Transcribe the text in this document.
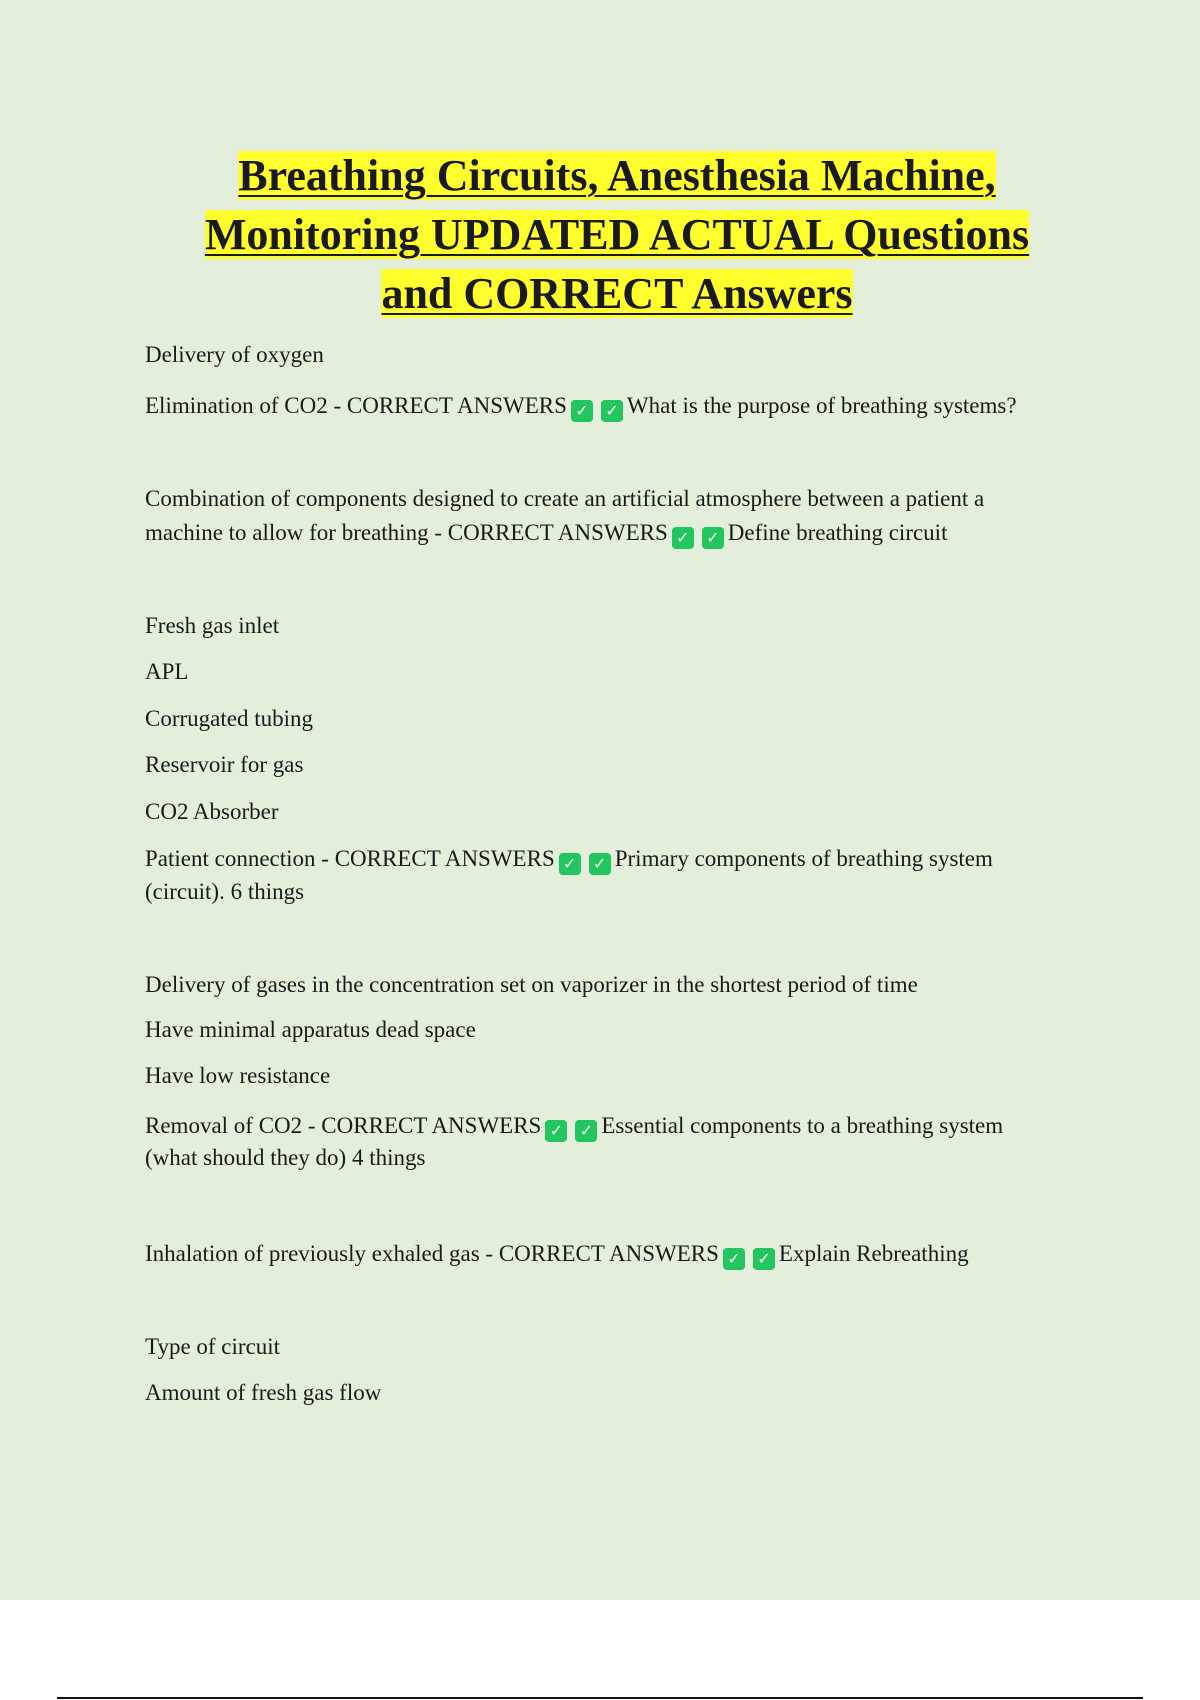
Breathing Circuits, Anesthesia Machine,
Monitoring UPDATED ACTUAL Questions
and CORRECT Answers
Delivery of oxygen
Elimination of CO2 - CORRECT ANSWERS ✓ ✓ What is the purpose of breathing systems?
Combination of components designed to create an artificial atmosphere between a patient a
machine to allow for breathing - CORRECT ANSWERS ✓ ✓ Define breathing circuit
Fresh gas inlet
APL
Corrugated tubing
Reservoir for gas
CO2 Absorber
Patient connection - CORRECT ANSWERS ✓ ✓ Primary components of breathing system
(circuit). 6 things
Delivery of gases in the concentration set on vaporizer in the shortest period of time
Have minimal apparatus dead space
Have low resistance
Removal of CO2 - CORRECT ANSWERS ✓ ✓ Essential components to a breathing system
(what should they do) 4 things
Inhalation of previously exhaled gas - CORRECT ANSWERS ✓ ✓ Explain Rebreathing
Type of circuit
Amount of fresh gas flow
